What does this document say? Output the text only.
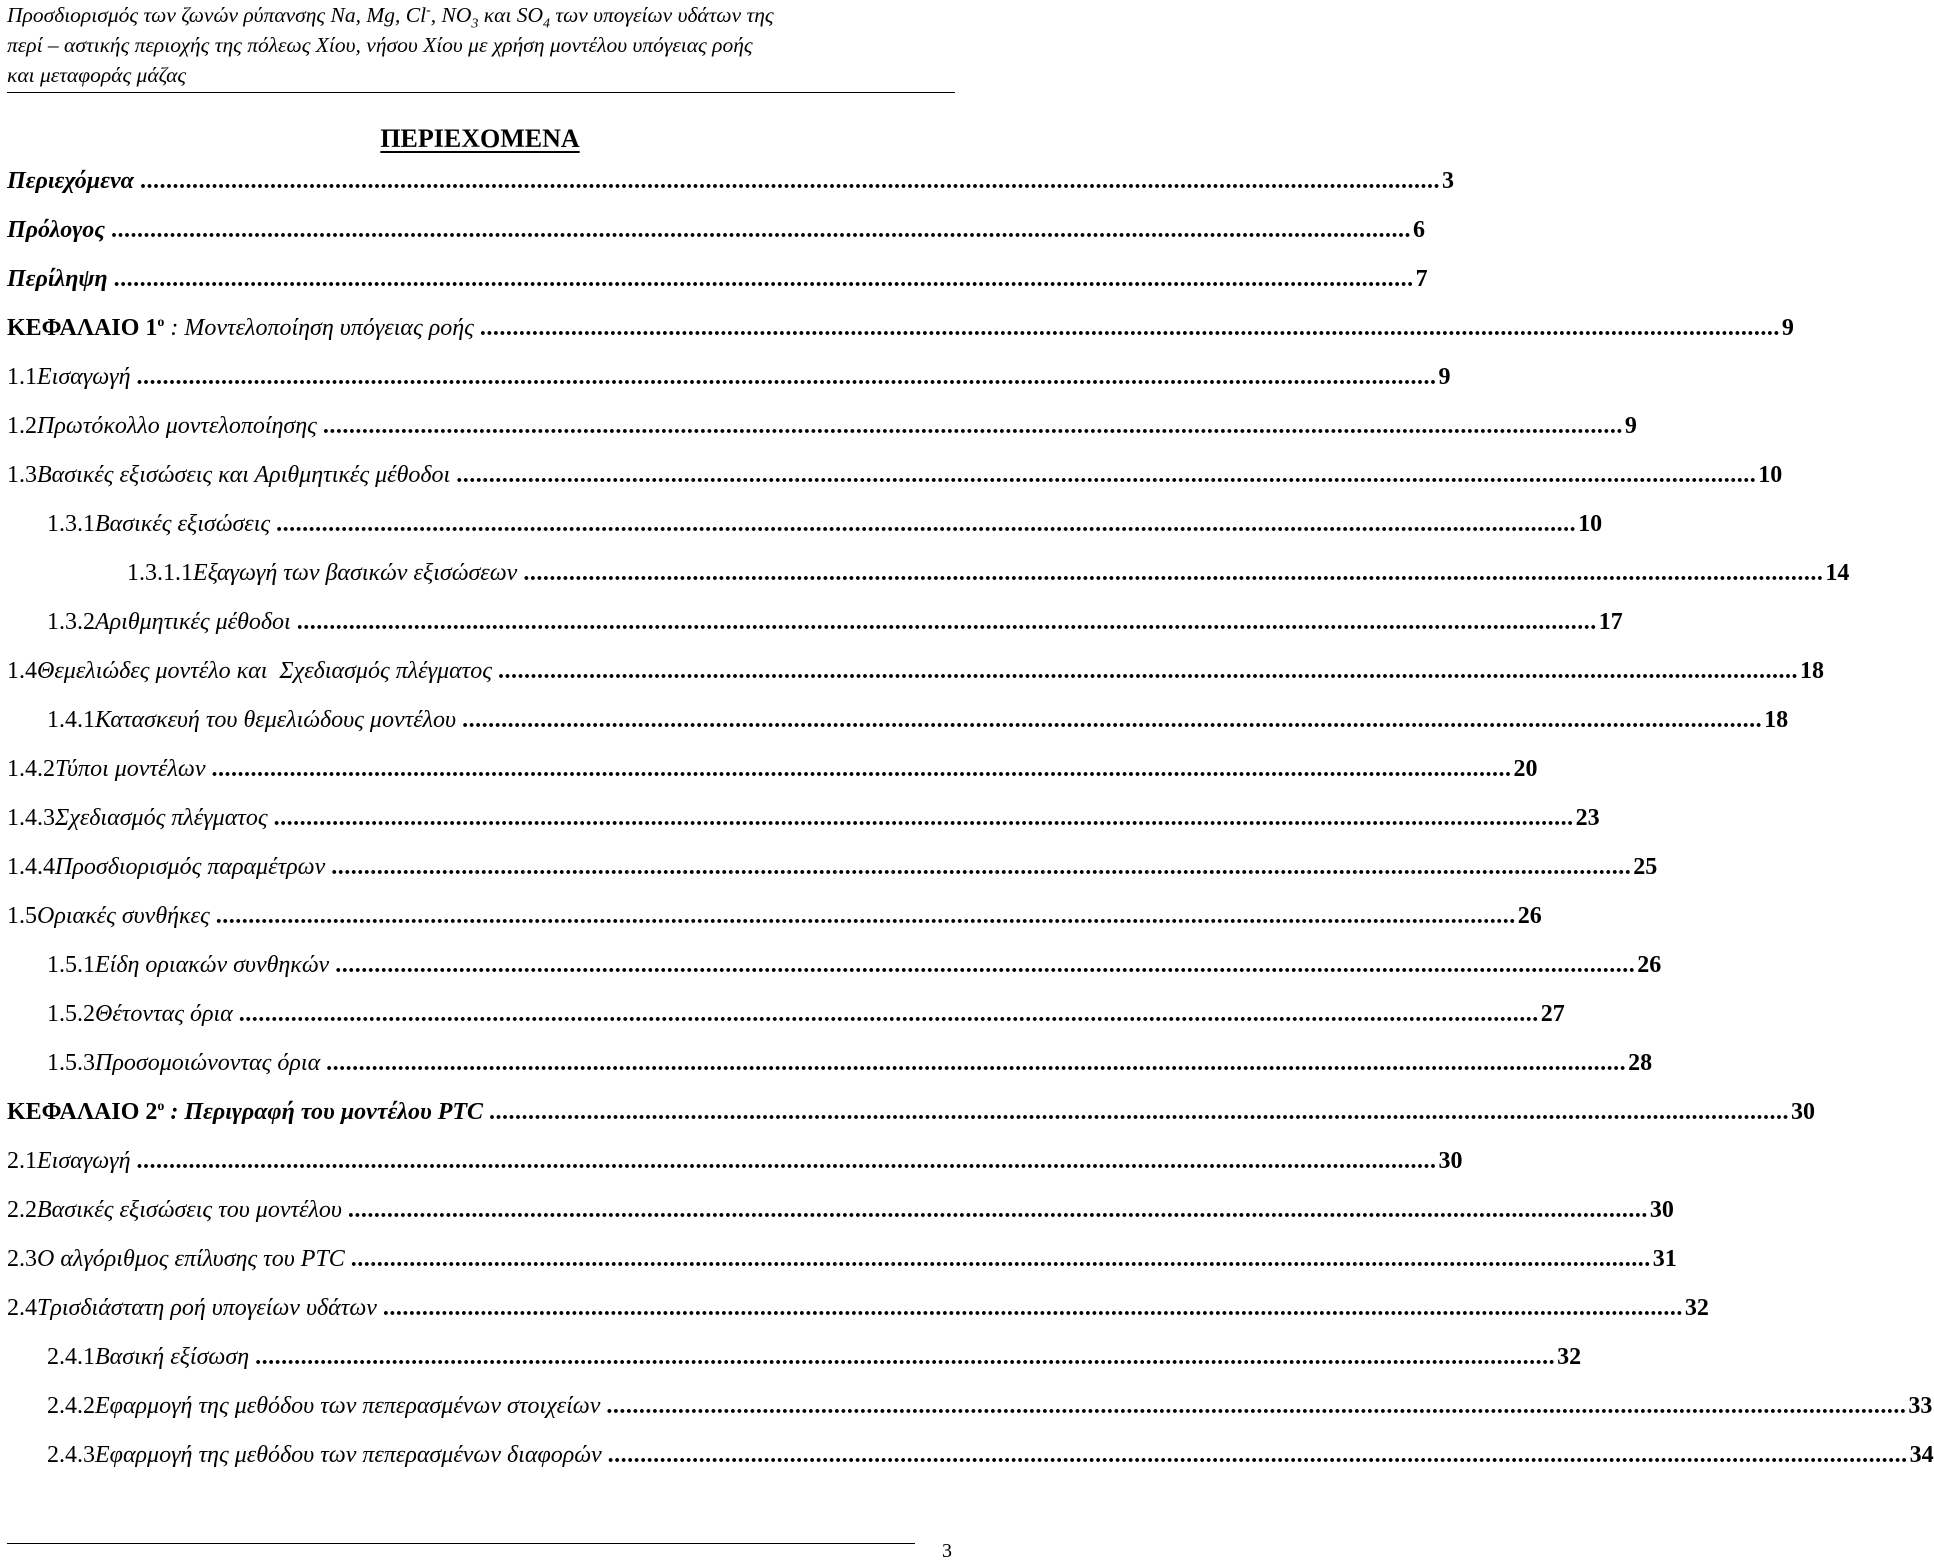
Προσδιορισμός των ζωνών ρύπανσης Na, Mg, Cl-, $NO_3$ και $SO_4$ των υπογείων υδάτων της
περί – αστικής περιοχής της πόλεως Χίου, νήσου Χίου με χρήση μοντέλου υπόγειας ροής
και μεταφοράς μάζας
ΠΕΡΙΕΧΟΜΕΝΑ
Περιεχόμενα ........................................................................................................................................................................................................ 3
Πρόλογος ........................................................................................................................................................................................................ 6
Περίληψη ........................................................................................................................................................................................................ 7
ΚΕΦΑΛΑΙΟ $1^o$ : Μοντελοποίηση υπόγειας ροής ........................................................................................................................................................................................................ 9
1.1 Εισαγωγή ........................................................................................................................................................................................................ 9
1.2 Πρωτόκολλο μοντελοποίησης ........................................................................................................................................................................................................ 9
1.3 Βασικές εξισώσεις και Αριθμητικές μέθοδοι ........................................................................................................................................................................................................ 10
1.3.1 Βασικές εξισώσεις ........................................................................................................................................................................................................ 10
1.3.1.1 Εξαγωγή των βασικών εξισώσεων ........................................................................................................................................................................................................ 14
1.3.2 Αριθμητικές μέθοδοι ........................................................................................................................................................................................................ 17
1.4 Θεμελιώδες μοντέλο και  Σχεδιασμός πλέγματος ........................................................................................................................................................................................................ 18
1.4.1 Κατασκευή του θεμελιώδους μοντέλου ........................................................................................................................................................................................................ 18
1.4.2 Τύποι μοντέλων ........................................................................................................................................................................................................ 20
1.4.3 Σχεδιασμός πλέγματος ........................................................................................................................................................................................................ 23
1.4.4 Προσδιορισμός παραμέτρων ........................................................................................................................................................................................................ 25
1.5 Οριακές συνθήκες ........................................................................................................................................................................................................ 26
1.5.1 Είδη οριακών συνθηκών ........................................................................................................................................................................................................ 26
1.5.2 Θέτοντας όρια ........................................................................................................................................................................................................ 27
1.5.3 Προσομοιώνοντας όρια ........................................................................................................................................................................................................ 28
ΚΕΦΑΛΑΙΟ $2^o$ : Περιγραφή του μοντέλου PTC ........................................................................................................................................................................................................ 30
2.1 Εισαγωγή ........................................................................................................................................................................................................ 30
2.2 Βασικές εξισώσεις του μοντέλου ........................................................................................................................................................................................................ 30
2.3 Ο αλγόριθμος επίλυσης του PTC ........................................................................................................................................................................................................ 31
2.4 Τρισδιάστατη ροή υπογείων υδάτων ........................................................................................................................................................................................................ 32
2.4.1 Βασική εξίσωση ........................................................................................................................................................................................................ 32
2.4.2 Εφαρμογή της μεθόδου των πεπερασμένων στοιχείων ........................................................................................................................................................................................................ 33
2.4.3 Εφαρμογή της μεθόδου των πεπερασμένων διαφορών ........................................................................................................................................................................................................ 34
3
